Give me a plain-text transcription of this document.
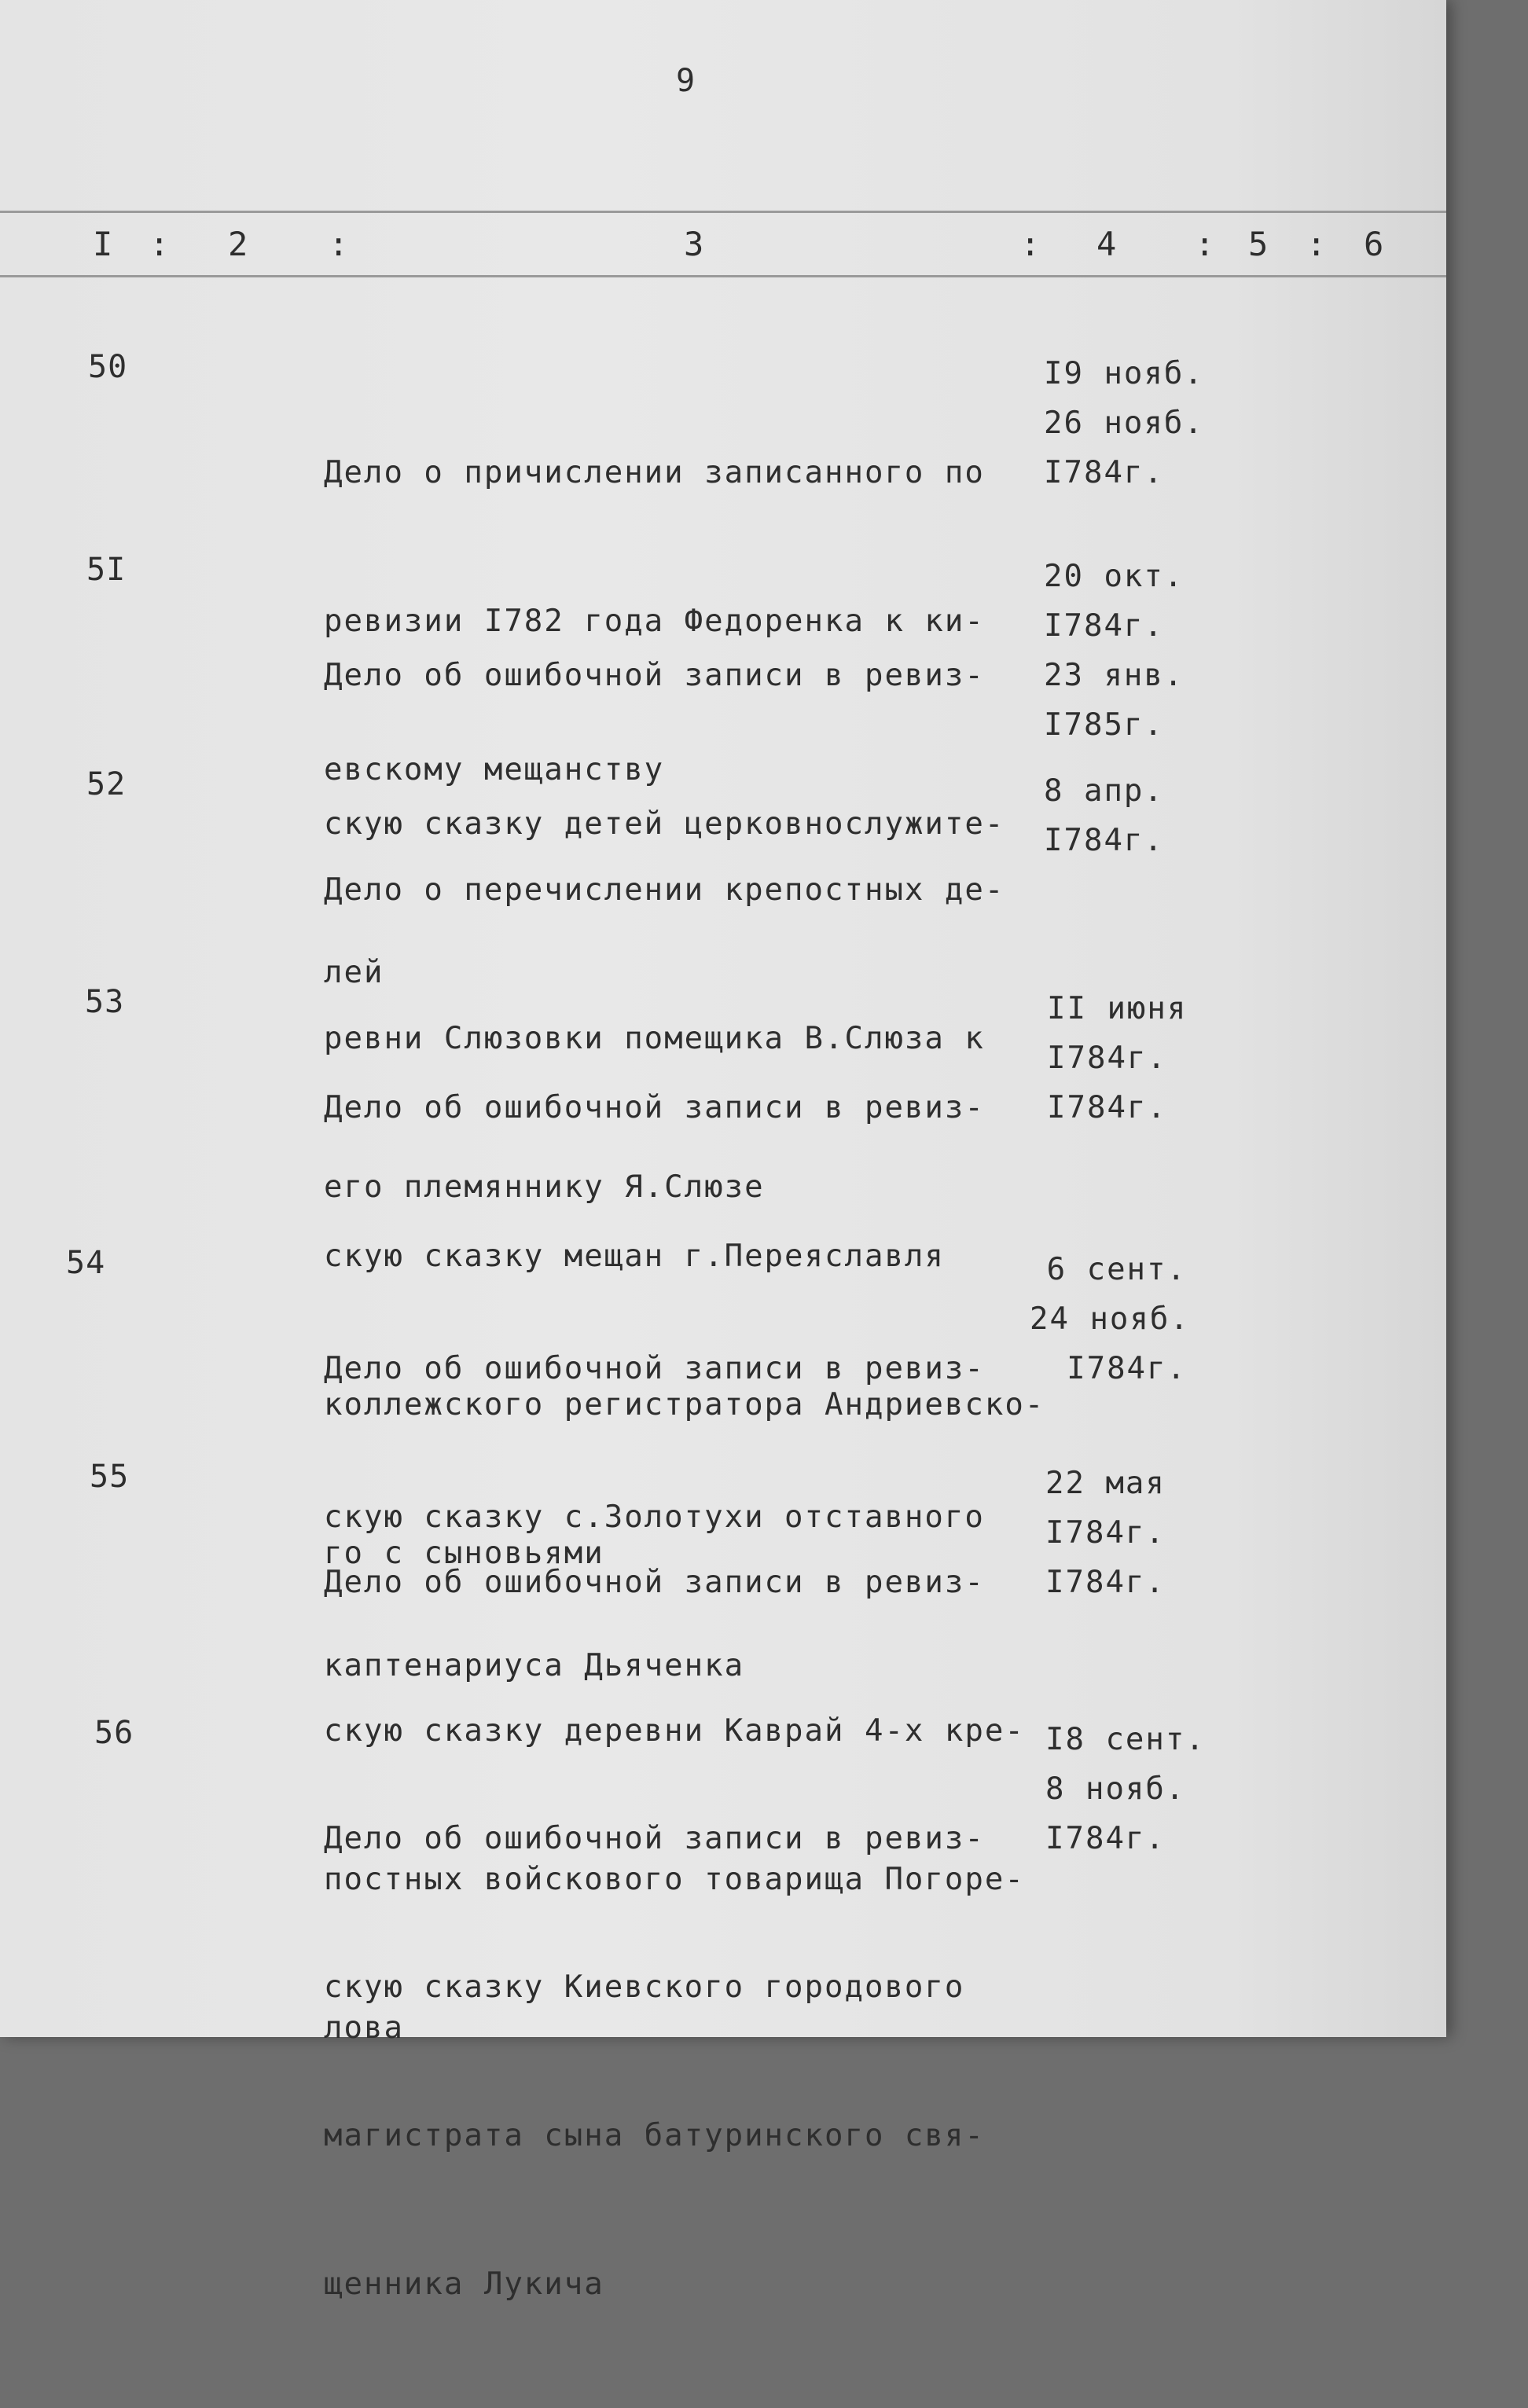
9
I : 2 :	3	: 4 : 5 : 6
50

Дело о причислении записанного по

ревизии I782 года Федоренка к ки-

евскому мещанству

I9 нояб.
26 нояб.
I784г.
5I

Дело об ошибочной записи в ревиз-

скую сказку детей церковнослужите-

лей

20 окт.
I784г.
23 янв.
I785г.
52

Дело о перечислении крепостных де-

ревни Слюзовки помещика В.Слюза к

его племяннику Я.Слюзе

8 апр.
I784г.
53

Дело об ошибочной записи в ревиз-

скую сказку мещан г.Переяславля

коллежского регистратора Андриевско-

го с сыновьями

II июня
I784г.
I784г.
54

Дело об ошибочной записи в ревиз-

скую сказку с.Золотухи отставного

каптенариуса Дьяченка

6 сент.
24 нояб.
I784г.
55

Дело об ошибочной записи в ревиз-

скую сказку деревни Каврай 4-х кре-

постных войскового товарища Погоре-

лова

22 мая
I784г.
I784г.
56

Дело об ошибочной записи в ревиз-

скую сказку Киевского городового

магистрата сына батуринского свя-

щенника Лукича

I8 сент.
8 нояб.
I784г.
